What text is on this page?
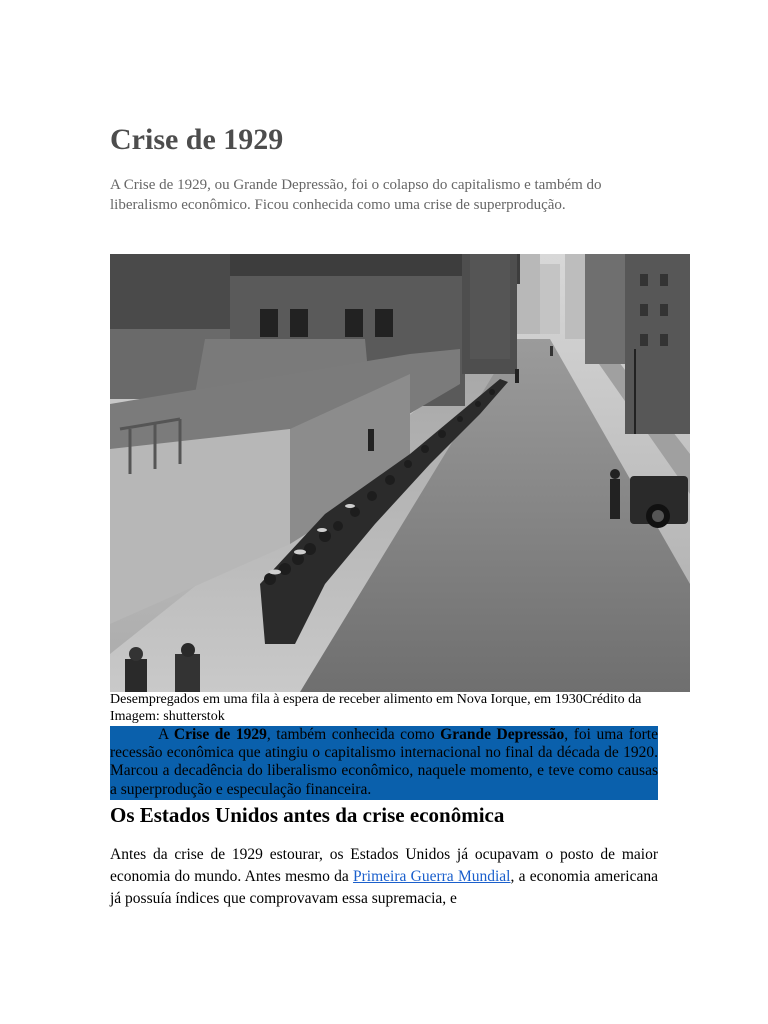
Crise de 1929

A Crise de 1929, ou Grande Depressão, foi o colapso do capitalismo e também do liberalismo econômico. Ficou conhecida como uma crise de superprodução.

Desempregados em uma fila à espera de receber alimento em Nova Iorque, em 1930Crédito da Imagem: shutterstok

A Crise de 1929, também conhecida como Grande Depressão, foi uma forte recessão econômica que atingiu o capitalismo internacional no final da década de 1920. Marcou a decadência do liberalismo econômico, naquele momento, e teve como causas a superprodução e especulação financeira.

Os Estados Unidos antes da crise econômica

Antes da crise de 1929 estourar, os Estados Unidos já ocupavam o posto de maior economia do mundo. Antes mesmo da Primeira Guerra Mundial, a economia americana já possuía índices que comprovavam essa supremacia, e
